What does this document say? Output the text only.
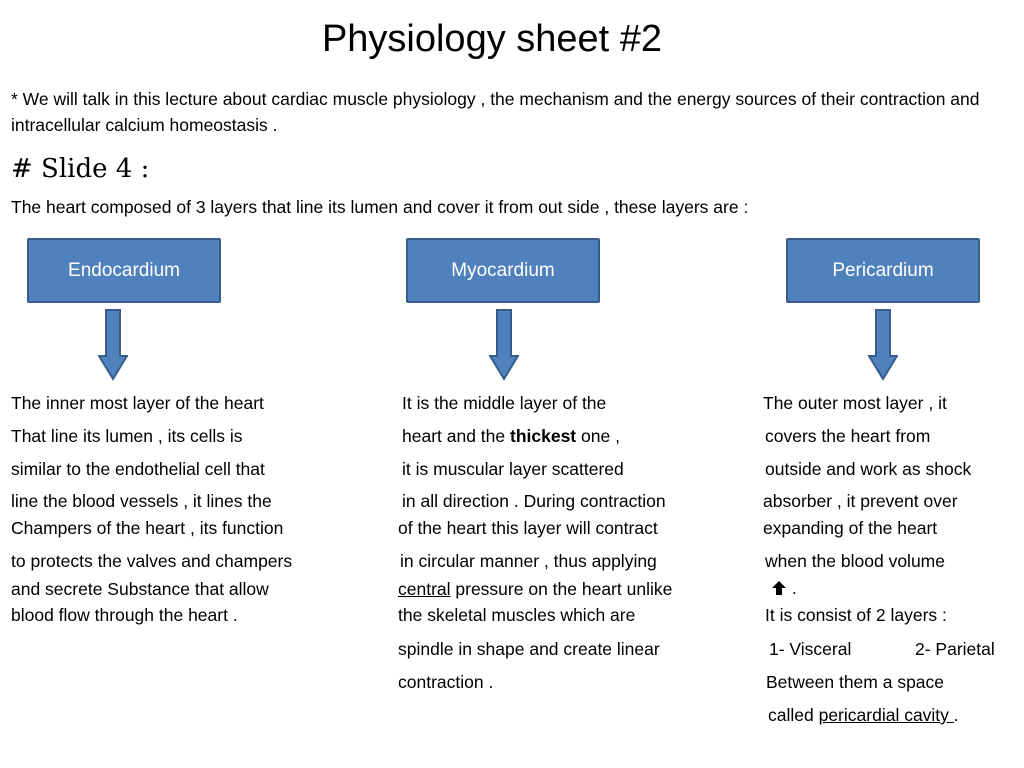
Physiology sheet #2
* We will talk in this lecture about cardiac muscle physiology , the mechanism and the energy sources of their contraction and intracellular calcium homeostasis .
# Slide 4 :
The heart composed of 3 layers that line its lumen and cover it from out side , these layers are :
Endocardium	Myocardium	Pericardium
The inner most layer of the heart
That line its lumen , its cells is
similar to the endothelial cell that
line the blood vessels , it lines the
Champers of the heart , its function
to protects the valves and champers
and secrete Substance that allow
blood flow through the heart .
It is the middle layer of the
heart and the thickest one ,
it is muscular layer scattered
in all direction . During contraction
of the heart this layer will contract
in circular manner , thus applying
central pressure on the heart unlike
the skeletal muscles which are
spindle in shape and create linear
contraction .
The outer most layer , it
covers the heart from
outside and work as shock
absorber , it prevent over
expanding of the heart
when the blood volume
.
It is consist of 2 layers :
1- Visceral	2- Parietal
Between them a space
called pericardial cavity .
